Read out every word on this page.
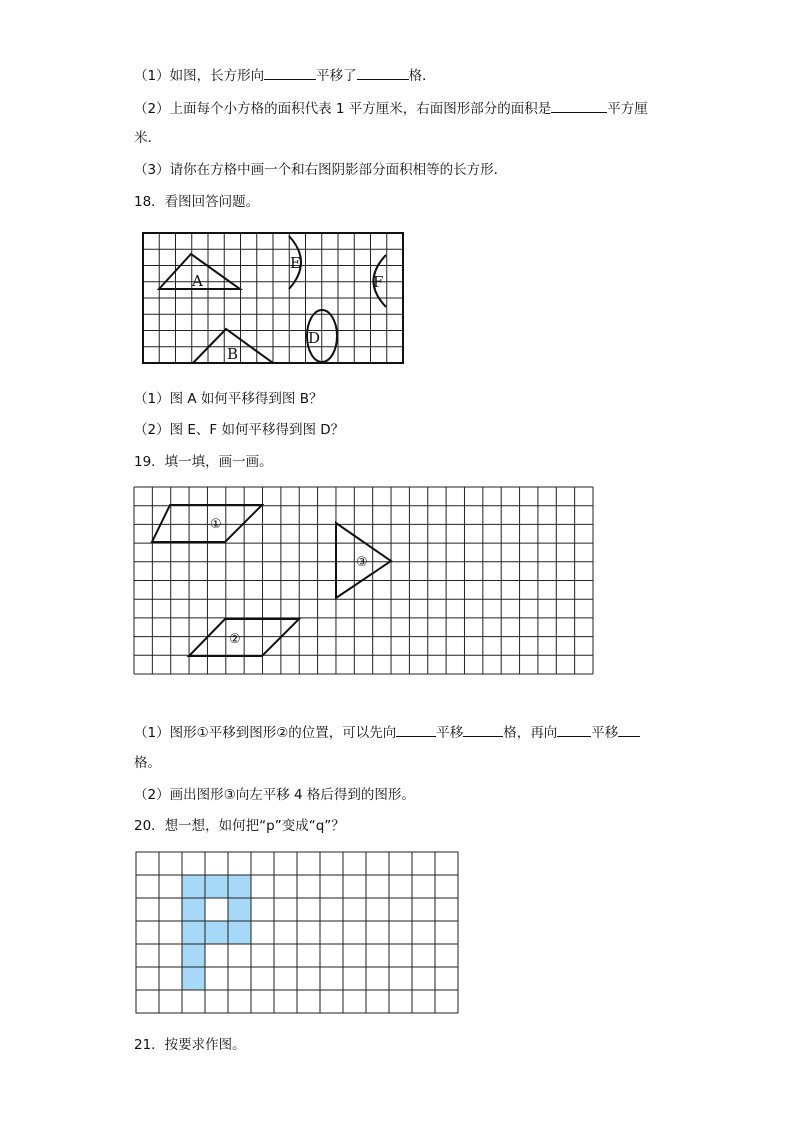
（1）如图，长方形向	平移了	格．
（2）上面每个小方格的面积代表 1 平方厘米，右面图形部分的面积是	平方厘
米．
（3）请你在方格中画一个和右图阴影部分面积相等的长方形．
18．看图回答问题。
A
B
E
F
D
（1）图 A 如何平移得到图 B？
（2）图 E、F 如何平移得到图 D？
19．填一填，画一画。
①
②
③
（1）图形①平移到图形②的位置，可以先向	平移	格，再向	平移
格。
（2）画出图形③向左平移 4 格后得到的图形。
20．想一想，如何把“p”变成“q”？
21．按要求作图。
